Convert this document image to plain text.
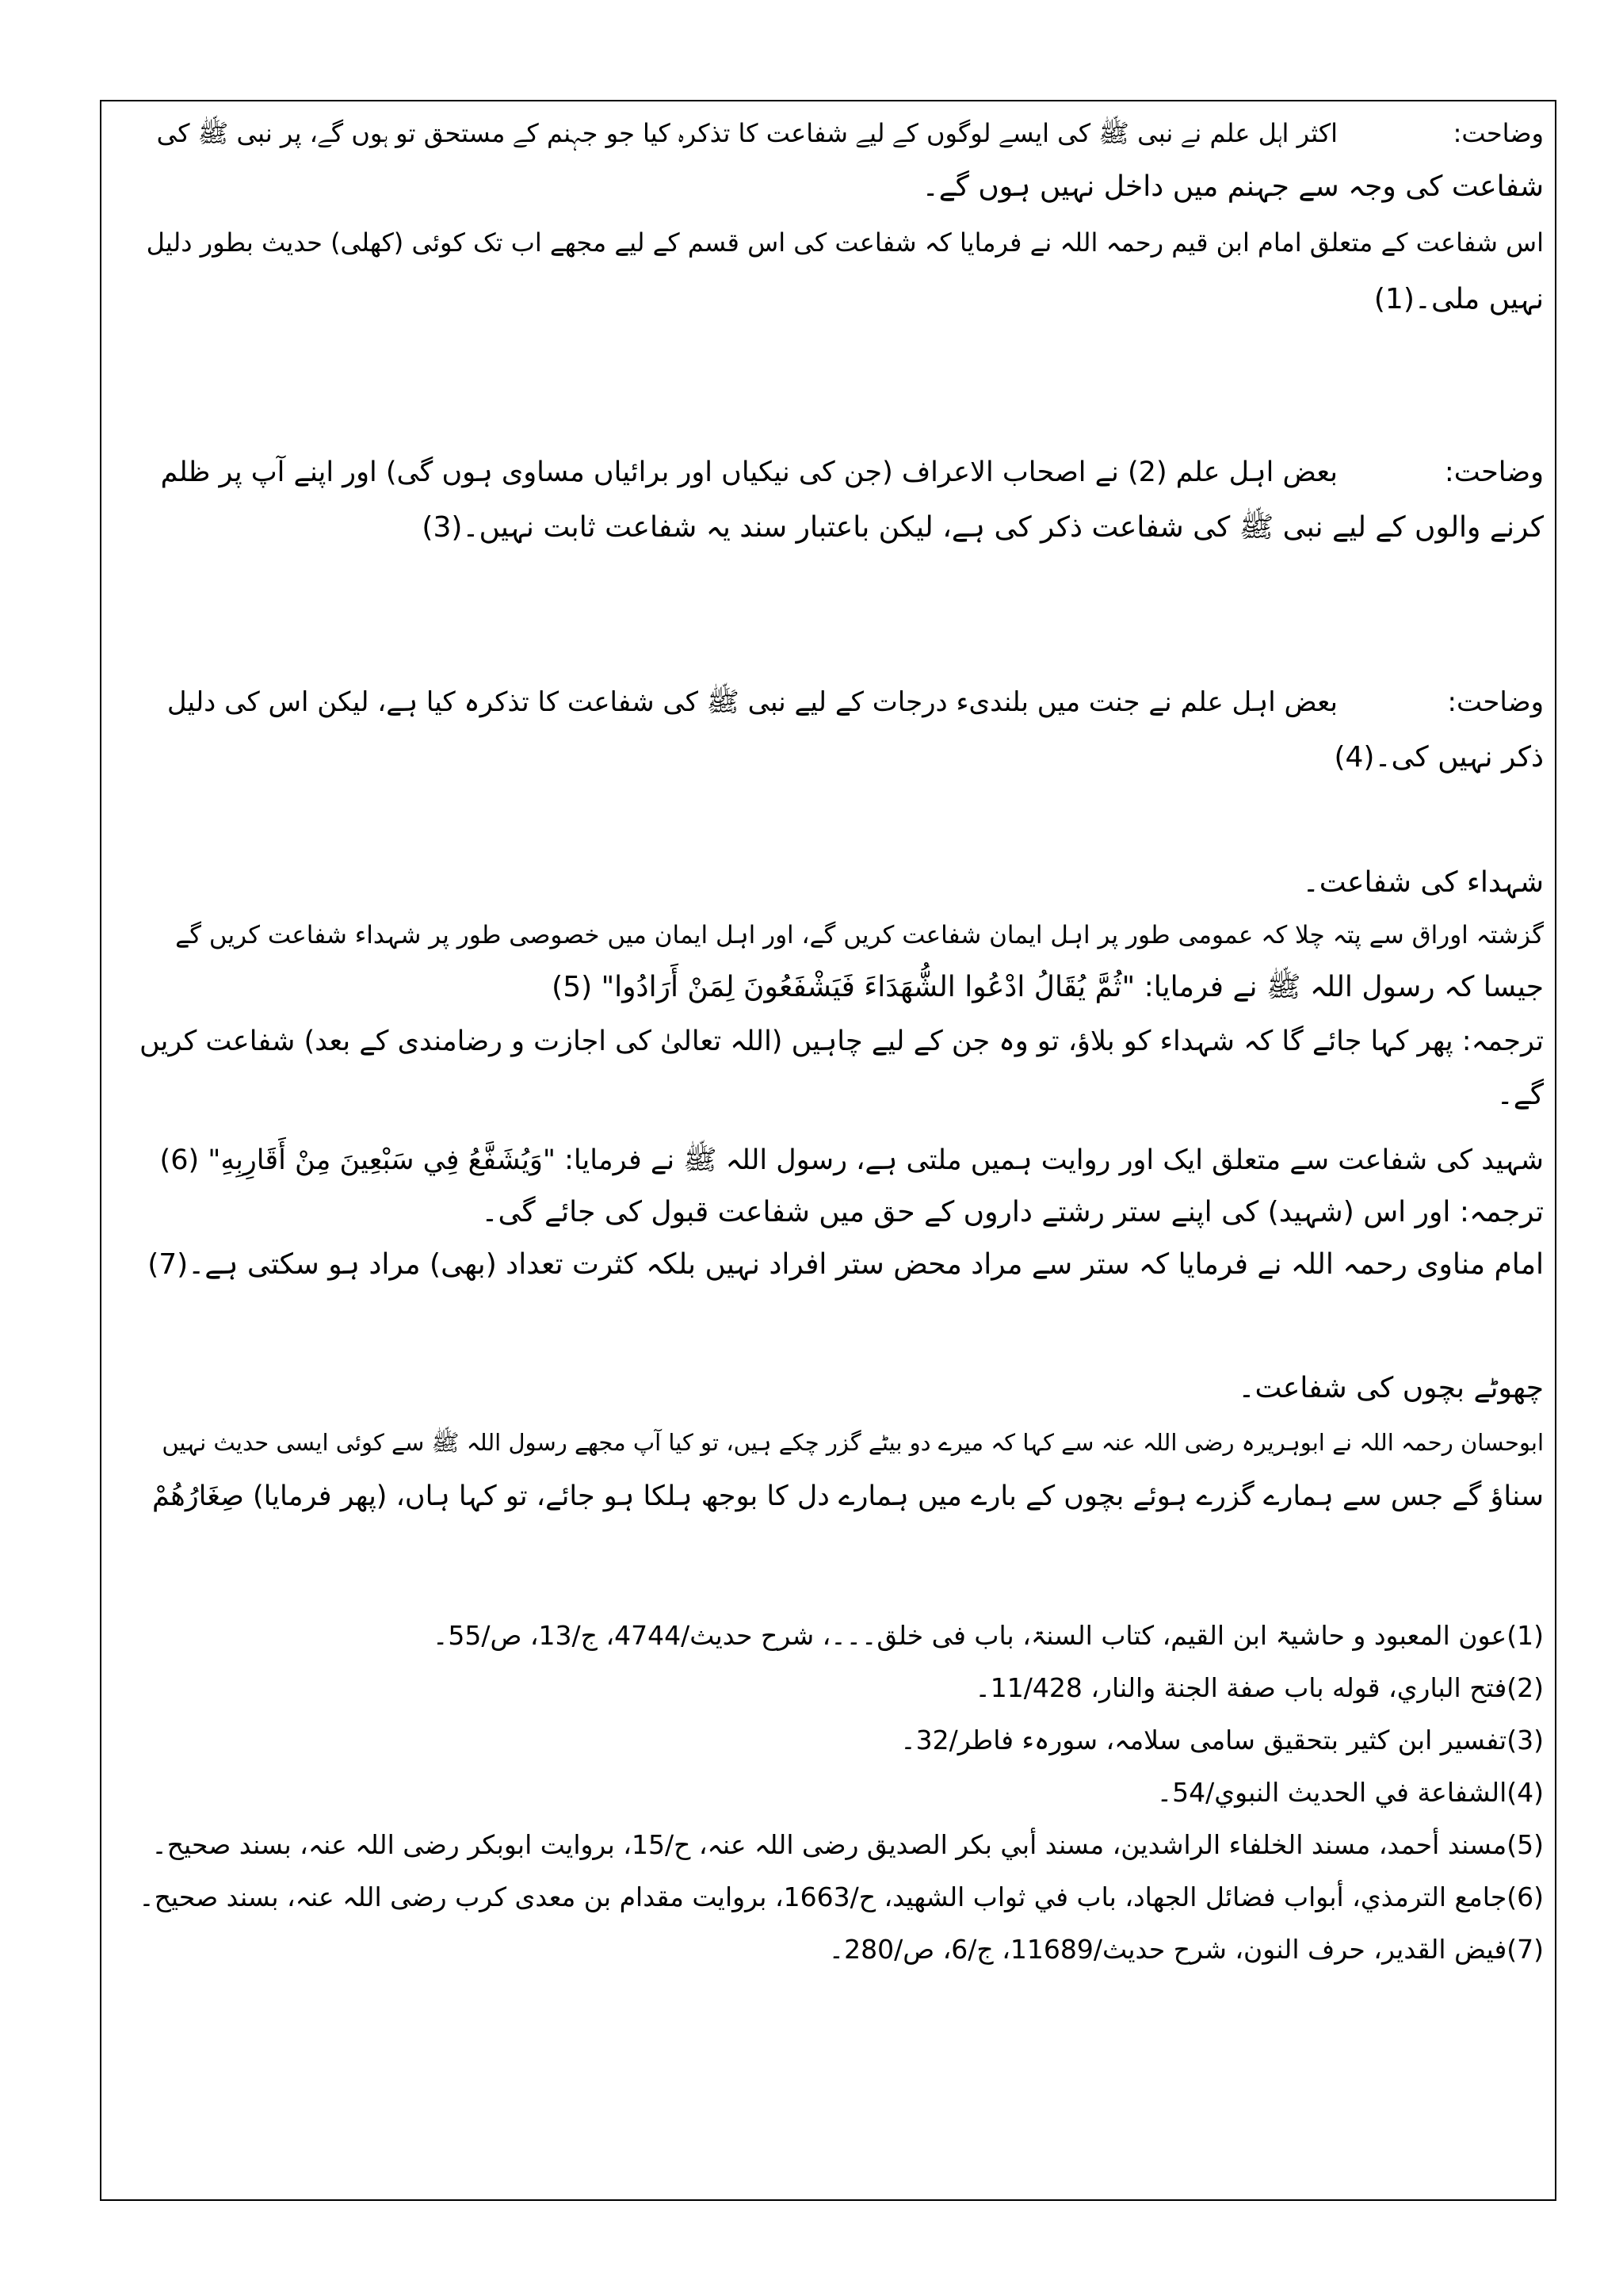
وضاحت:اکثر اہل علم نے نبی ﷺ کی ایسے لوگوں کے لیے شفاعت کا تذکرہ کیا جو جہنم کے مستحق تو ہوں گے، پر نبی ﷺ کی
شفاعت کی وجہ سے جہنم میں داخل نہیں ہوں گے۔
اس شفاعت کے متعلق امام ابن قیم رحمہ اللہ نے فرمایا کہ شفاعت کی اس قسم کے لیے مجھے اب تک کوئی (کھلی) حدیث بطور دلیل
نہیں ملی۔(1)
وضاحت:بعض اہل علم (2) نے اصحاب الاعراف (جن کی نیکیاں اور برائیاں مساوی ہوں گی) اور اپنے آپ پر ظلم
کرنے والوں کے لیے نبی ﷺ کی شفاعت ذکر کی ہے، لیکن باعتبار سند یہ شفاعت ثابت نہیں۔(3)
وضاحت:بعض اہل علم نے جنت میں بلندیء درجات کے لیے نبی ﷺ کی شفاعت کا تذکرہ کیا ہے، لیکن اس کی دلیل
ذکر نہیں کی۔(4)
شہداء کی شفاعت۔
گزشتہ اوراق سے پتہ چلا کہ عمومی طور پر اہل ایمان شفاعت کریں گے، اور اہل ایمان میں خصوصی طور پر شہداء شفاعت کریں گے
جیسا کہ رسول اللہ ﷺ نے فرمایا: "ثُمَّ يُقَالُ ادْعُوا الشُّهَدَاءَ فَيَشْفَعُونَ لِمَنْ أَرَادُوا" (5)
ترجمہ: پھر کہا جائے گا کہ شہداء کو بلاؤ، تو وہ جن کے لیے چاہیں (اللہ تعالیٰ کی اجازت و رضامندی کے بعد) شفاعت کریں
گے۔
شہید کی شفاعت سے متعلق ایک اور روایت ہمیں ملتی ہے، رسول اللہ ﷺ نے فرمایا: "وَيُشَفَّعُ فِي سَبْعِينَ مِنْ أَقَارِبِهِ" (6)
ترجمہ: اور اس (شہید) کی اپنے ستر رشتے داروں کے حق میں شفاعت قبول کی جائے گی۔
امام مناوی رحمہ اللہ نے فرمایا کہ ستر سے مراد محض ستر افراد نہیں بلکہ کثرت تعداد (بھی) مراد ہو سکتی ہے۔(7)
چھوٹے بچوں کی شفاعت۔
ابوحسان رحمہ اللہ نے ابوہریرہ رضی اللہ عنہ سے کہا کہ میرے دو بیٹے گزر چکے ہیں، تو کیا آپ مجھے رسول اللہ ﷺ سے کوئی ایسی حدیث نہیں
سناؤ گے جس سے ہمارے گزرے ہوئے بچوں کے بارے میں ہمارے دل کا بوجھ ہلکا ہو جائے، تو کہا ہاں، (پھر فرمایا) صِغَارُهُمْ
(1)عون المعبود و حاشیۃ ابن القیم، کتاب السنۃ، باب فی خلق۔۔۔، شرح حدیث/4744، ج/13، ص/55۔
(2)فتح الباري، قوله باب صفة الجنة والنار، 11/428۔
(3)تفسیر ابن کثیر بتحقیق سامی سلامہ، سورہء فاطر/32۔
(4)الشفاعة في الحديث النبوي/54۔
(5)مسند أحمد، مسند الخلفاء الراشدين، مسند أبي بكر الصديق رضی اللہ عنہ، ح/15، بروایت ابوبکر رضی اللہ عنہ، بسند صحیح۔
(6)جامع الترمذي، أبواب فضائل الجهاد، باب في ثواب الشهيد، ح/1663، بروایت مقدام بن معدی کرب رضی اللہ عنہ، بسند صحیح۔
(7)فیض القدیر، حرف النون، شرح حدیث/11689، ج/6، ص/280۔
